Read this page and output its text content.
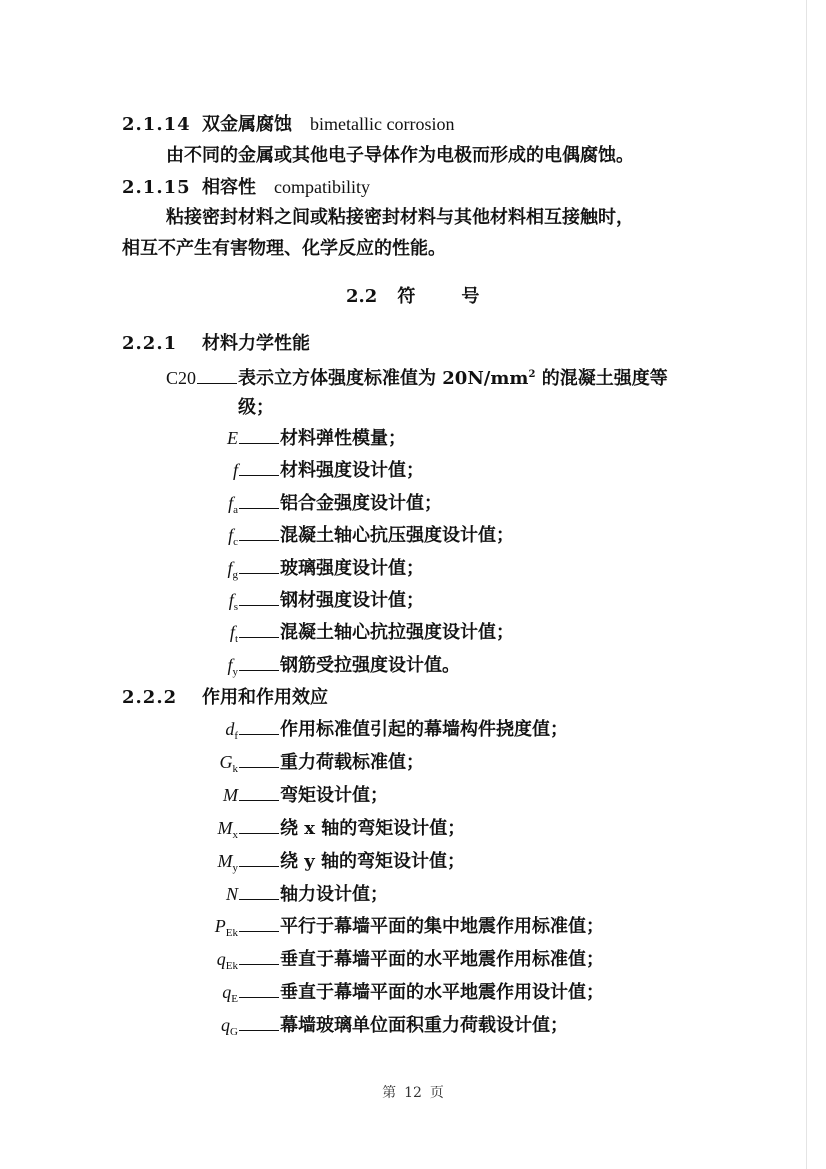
2.1.14 双金属腐蚀 bimetallic corrosion
由不同的金属或其他电子导体作为电极而形成的电偶腐蚀。
2.1.15 相容性 compatibility
粘接密封材料之间或粘接密封材料与其他材料相互接触时，
相互不产生有害物理、化学反应的性能。
2.2 符	号
2.2.1 材料力学性能
C20 表示立方体强度标准值为 $20N/mm^2$ 的混凝土强度等
级；
E 材料弹性模量；
f 材料强度设计值；
$f_a$ 铝合金强度设计值；
$f_c$ 混凝土轴心抗压强度设计值；
$f_g$ 玻璃强度设计值；
$f_s$ 钢材强度设计值；
$f_t$ 混凝土轴心抗拉强度设计值；
$f_y$ 钢筋受拉强度设计值。
2.2.2 作用和作用效应
$d_f$ 作用标准值引起的幕墙构件挠度值；
$G_k$ 重力荷载标准值；
M 弯矩设计值；
$M_x$ 绕 x 轴的弯矩设计值；
$M_y$ 绕 y 轴的弯矩设计值；
N 轴力设计值；
$P_{Ek}$ 平行于幕墙平面的集中地震作用标准值；
$q_{Ek}$ 垂直于幕墙平面的水平地震作用标准值；
$q_E$ 垂直于幕墙平面的水平地震作用设计值；
$q_G$ 幕墙玻璃单位面积重力荷载设计值；
第 12 页
